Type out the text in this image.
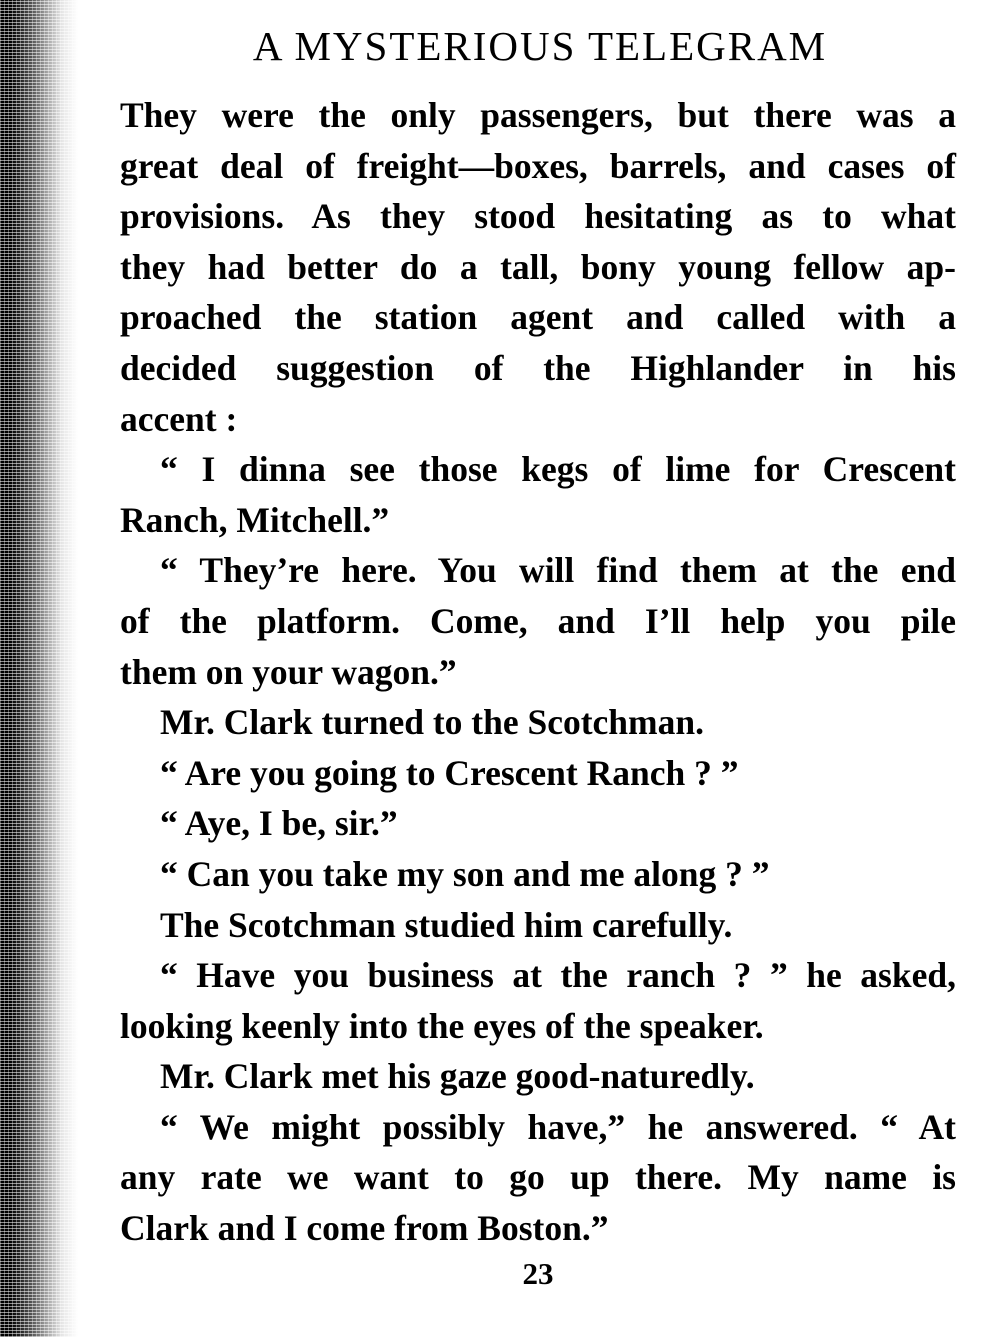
A MYSTERIOUS TELEGRAM
They were the only passengers, but there was a
great deal of freight—boxes, barrels, and cases of
provisions. As they stood hesitating as to what
they had better do a tall, bony young fellow ap-
proached the station agent and called with a
decided suggestion of the Highlander in his
accent :
“ I dinna see those kegs of lime for Crescent
Ranch, Mitchell.”
“ They’re here. You will find them at the end
of the platform. Come, and I’ll help you pile
them on your wagon.”
Mr. Clark turned to the Scotchman.
“ Are you going to Crescent Ranch ? ”
“ Aye, I be, sir.”
“ Can you take my son and me along ? ”
The Scotchman studied him carefully.
“ Have you business at the ranch ? ” he asked,
looking keenly into the eyes of the speaker.
Mr. Clark met his gaze good-naturedly.
“ We might possibly have,” he answered. “ At
any rate we want to go up there. My name is
Clark and I come from Boston.”
23
